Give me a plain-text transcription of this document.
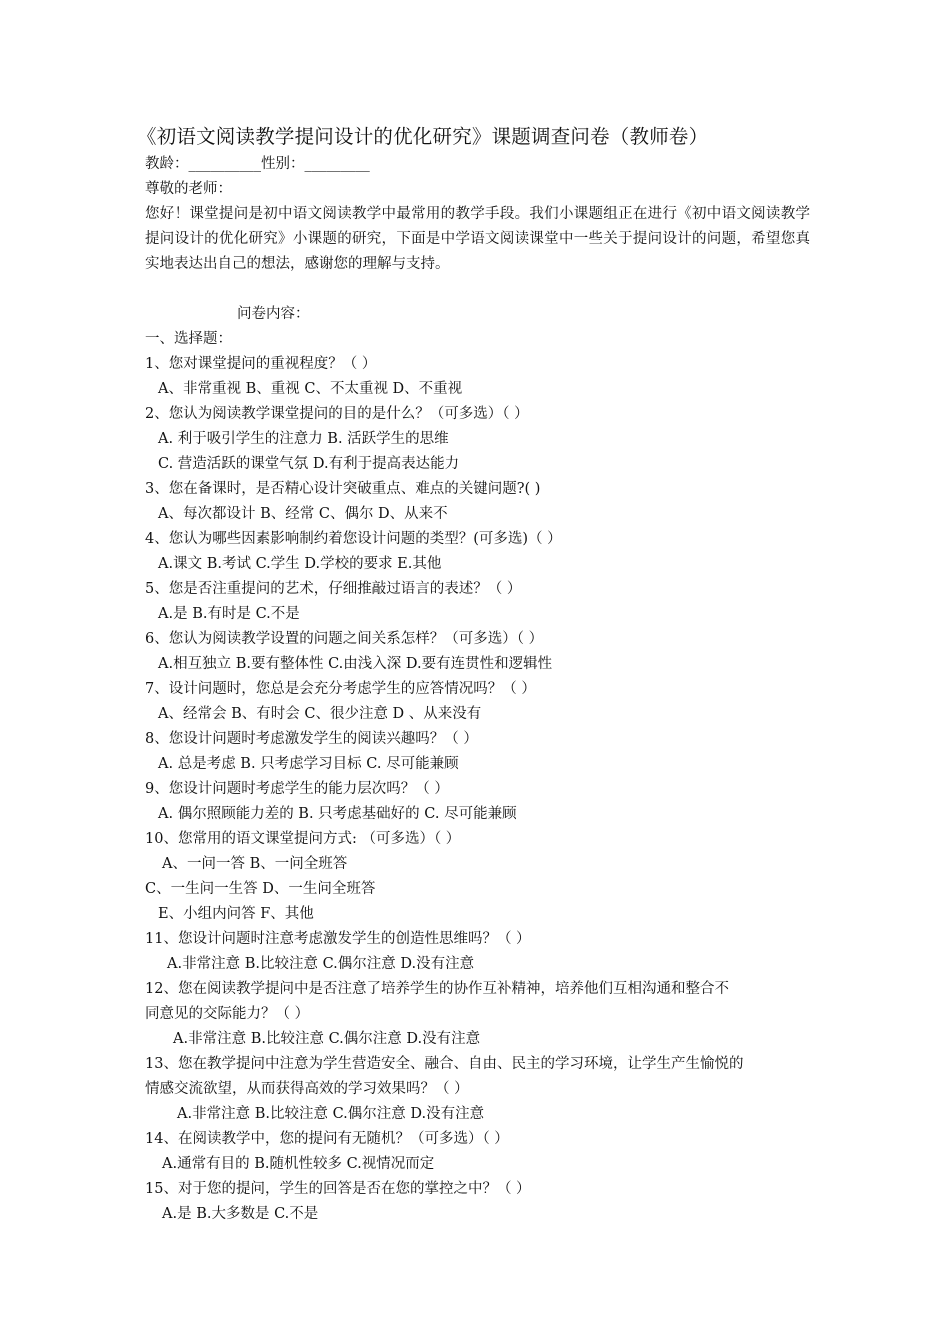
《初语文阅读教学提问设计的优化研究》课题调查问卷（教师卷）
教龄：__________性别：_________
尊敬的老师：
您好！课堂提问是初中语文阅读教学中最常用的教学手段。我们小课题组正在进行《初中语文阅读教学提问设计的优化研究》小课题的研究，下面是中学语文阅读课堂中一些关于提问设计的问题，希望您真实地表达出自己的想法，感谢您的理解与支持。
问卷内容：
一、选择题：
1、您对课堂提问的重视程度？（ ）
A、非常重视 B、重视 C、不太重视 D、不重视
2、您认为阅读教学课堂提问的目的是什么？（可多选）（ ）
A. 利于吸引学生的注意力 B. 活跃学生的思维
C. 营造活跃的课堂气氛 D.有利于提高表达能力
3、您在备课时，是否精心设计突破重点、难点的关键问题?( )
A、每次都设计 B、经常 C、偶尔 D、从来不
4、您认为哪些因素影响制约着您设计问题的类型？(可多选)（ ）
A.课文 B.考试 C.学生 D.学校的要求 E.其他
5、您是否注重提问的艺术，仔细推敲过语言的表述？（ ）
A.是 B.有时是 C.不是
6、您认为阅读教学设置的问题之间关系怎样？（可多选）（ ）
A.相互独立 B.要有整体性 C.由浅入深 D.要有连贯性和逻辑性
7、设计问题时，您总是会充分考虑学生的应答情况吗？（ ）
A、经常会 B、有时会 C、很少注意 D 、从来没有
8、您设计问题时考虑激发学生的阅读兴趣吗？（ ）
A. 总是考虑 B. 只考虑学习目标 C. 尽可能兼顾
9、您设计问题时考虑学生的能力层次吗？（ ）
A. 偶尔照顾能力差的 B. 只考虑基础好的 C. 尽可能兼顾
10、您常用的语文课堂提问方式: （可多选）（ ）
A、一问一答 B、一问全班答
C、一生问一生答 D、一生问全班答
E、小组内问答 F、其他
11、您设计问题时注意考虑激发学生的创造性思维吗？（ ）
A.非常注意 B.比较注意 C.偶尔注意 D.没有注意
12、您在阅读教学提问中是否注意了培养学生的协作互补精神，培养他们互相沟通和整合不
同意见的交际能力？（ ）
A.非常注意 B.比较注意 C.偶尔注意 D.没有注意
13、您在教学提问中注意为学生营造安全、融合、自由、民主的学习环境，让学生产生愉悦的
情感交流欲望，从而获得高效的学习效果吗？（ ）
A.非常注意 B.比较注意 C.偶尔注意 D.没有注意
14、在阅读教学中，您的提问有无随机？（可多选）（ ）
A.通常有目的 B.随机性较多 C.视情况而定
15、对于您的提问，学生的回答是否在您的掌控之中？（ ）
A.是 B.大多数是 C.不是
